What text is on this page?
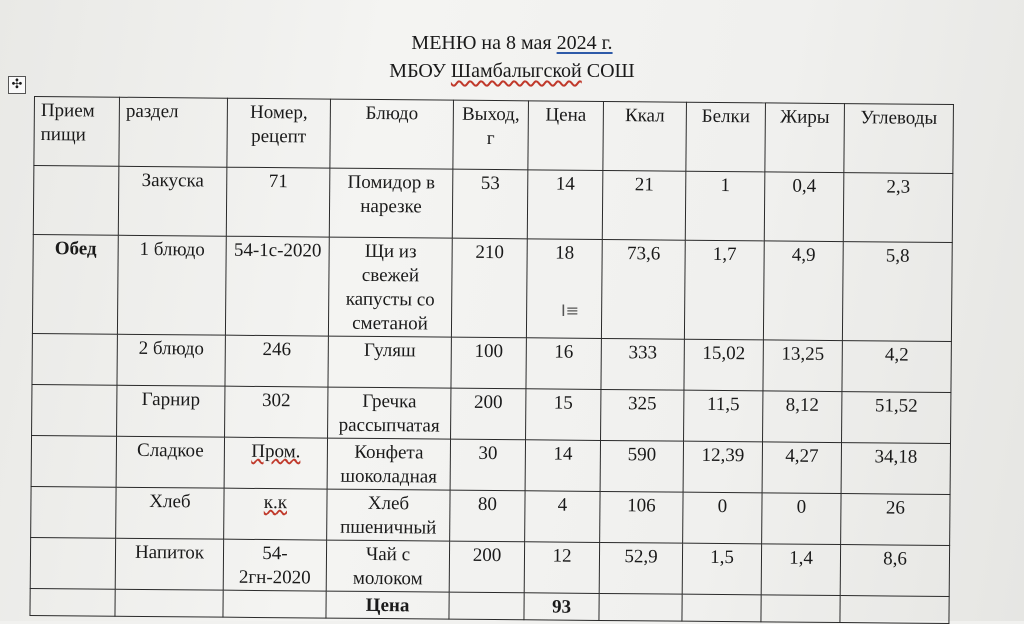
МЕНЮ на 8 мая 2024 г.
МБОУ Шамбалыгской СОШ
✣
Прием пищи	раздел	Номер, рецепт	Блюдо	Выход, г	Цена	Ккал	Белки	Жиры	Углеводы
	Закуска	71	Помидор в нарезке	53	14	21	1	0,4	2,3
Обед	1 блюдо	54-1с-2020	Щи из свежей капусты со сметаной	210	18	73,6	1,7	4,9	5,8
	2 блюдо	246	Гуляш	100	16	333	15,02	13,25	4,2
	Гарнир	302	Гречка рассыпчатая	200	15	325	11,5	8,12	51,52
	Сладкое	Пром.	Конфета шоколадная	30	14	590	12,39	4,27	34,18
	Хлеб	к.к	Хлеб пшеничный	80	4	106	0	0	26
	Напиток	54-2гн-2020	Чай с молоком	200	12	52,9	1,5	1,4	8,6
			Цена		93				
I≡
